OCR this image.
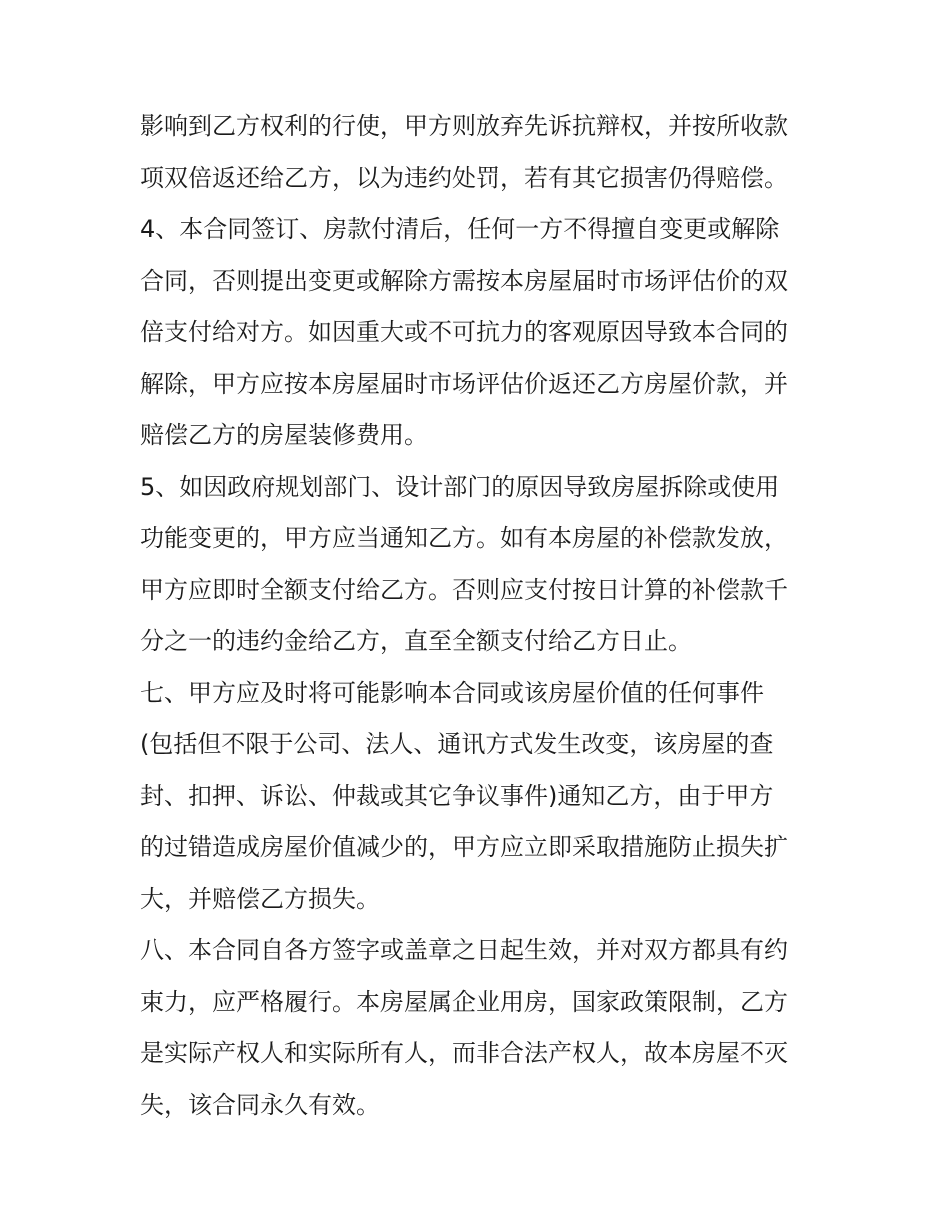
影响到乙方权利的行使，甲方则放弃先诉抗辩权，并按所收款
项双倍返还给乙方，以为违约处罚，若有其它损害仍得赔偿。
4、本合同签订、房款付清后，任何一方不得擅自变更或解除
合同，否则提出变更或解除方需按本房屋届时市场评估价的双
倍支付给对方。如因重大或不可抗力的客观原因导致本合同的
解除，甲方应按本房屋届时市场评估价返还乙方房屋价款，并
赔偿乙方的房屋装修费用。
5、如因政府规划部门、设计部门的原因导致房屋拆除或使用
功能变更的，甲方应当通知乙方。如有本房屋的补偿款发放，
甲方应即时全额支付给乙方。否则应支付按日计算的补偿款千
分之一的违约金给乙方，直至全额支付给乙方日止。
七、甲方应及时将可能影响本合同或该房屋价值的任何事件
(包括但不限于公司、法人、通讯方式发生改变，该房屋的查
封、扣押、诉讼、仲裁或其它争议事件)通知乙方，由于甲方
的过错造成房屋价值减少的，甲方应立即采取措施防止损失扩
大，并赔偿乙方损失。
八、本合同自各方签字或盖章之日起生效，并对双方都具有约
束力，应严格履行。本房屋属企业用房，国家政策限制，乙方
是实际产权人和实际所有人，而非合法产权人，故本房屋不灭
失，该合同永久有效。
